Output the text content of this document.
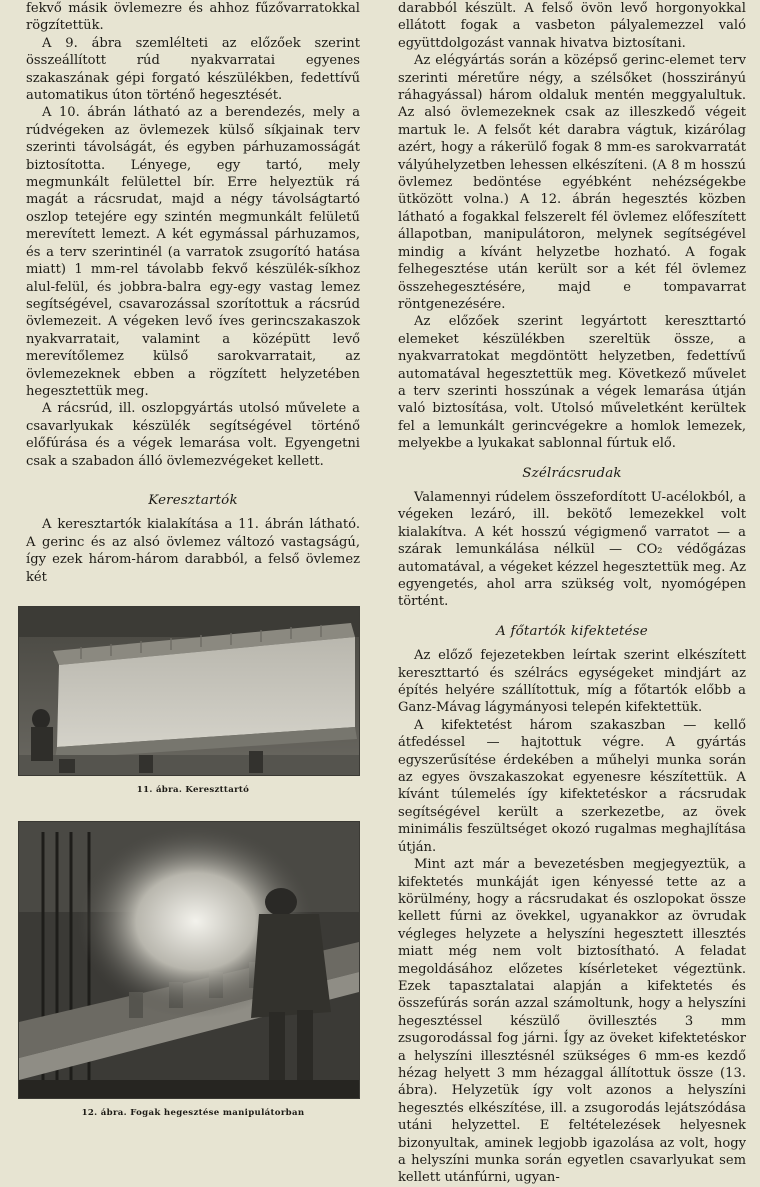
fekvő másik övlemezre és ahhoz fűzővarratokkal rögzítettük.

A 9. ábra szemlélteti az előzőek szerint összeállított rúd nyakvarratai egyenes szakaszának gépi forgató készülékben, fedettívű automatikus úton történő hegesztését.

A 10. ábrán látható az a berendezés, mely a rúdvégeken az övlemezek külső síkjainak terv szerinti távolságát, és egyben párhuzamosságát biztosította. Lényege, egy tartó, mely megmunkált felülettel bír. Erre helyeztük rá magát a rácsrudat, majd a négy távolságtartó oszlop tetejére egy szintén megmunkált felületű merevített lemezt. A két egymással párhuzamos, és a terv szerintinél (a varratok zsugorító hatása miatt) 1 mm-rel távolabb fekvő készülék-síkhoz alul-felül, és jobbra-balra egy-egy vastag lemez segítségével, csavarozással szorítottuk a rácsrúd övlemezeit. A végeken levő íves gerincszakaszok nyakvarratait, valamint a középütt levő merevítőlemez külső sarokvarratait, az övlemezeknek ebben a rögzített helyzetében hegesztettük meg.

A rácsrúd, ill. oszlopgyártás utolsó művelete a csavarlyukak készülék segítségével történő előfúrása és a végek lemarása volt. Egyengetni csak a szabadon álló övlemezvégeket kellett.

Keresztartók

A keresztartók kialakítása a 11. ábrán látható. A gerinc és az alsó övlemez változó vastagságú, így ezek három-három darabból, a felső övlemez két

11. ábra. Kereszttartó
12. ábra. Fogak hegesztése manipulátorban

darabból készült. A felső övön levő horgonyokkal ellátott fogak a vasbeton pályalemezzel való együttdolgozást vannak hivatva biztosítani.

Az elégyártás során a középső gerinc-elemet terv szerinti méretűre négy, a szélsőket (hosszirányú ráhagyással) három oldaluk mentén meggyalultuk. Az alsó övlemezeknek csak az illeszkedő végeit martuk le. A felsőt két darabra vágtuk, kizárólag azért, hogy a rákerülő fogak 8 mm-es sarokvarratát vályúhelyzetben lehessen elkészíteni. (A 8 m hosszú övlemez bedöntése egyébként nehézségekbe ütközött volna.) A 12. ábrán hegesztés közben látható a fogakkal felszerelt fél övlemez előfeszített állapotban, manipulátoron, melynek segítségével mindig a kívánt helyzetbe hozható. A fogak felhegesztése után került sor a két fél övlemez összehegesztésére, majd e tompavarrat röntgenezésére.

Az előzőek szerint legyártott kereszttartó elemeket készülékben szereltük össze, a nyakvarratokat megdöntött helyzetben, fedettívű automatával hegesztettük meg. Következő művelet a terv szerinti hosszúnak a végek lemarása útján való biztosítása, volt. Utolsó műveletként kerültek fel a lemunkált gerincvégekre a homlok lemezek, melyekbe a lyukakat sablonnal fúrtuk elő.

Szélrácsrudak

Valamennyi rúdelem összefordított U-acélokból, a végeken lezáró, ill. bekötő lemezekkel volt kialakítva. A két hosszú végigmenő varratot — a szárak lemunkálása nélkül — CO₂ védőgázas automatával, a végeket kézzel hegesztettük meg. Az egyengetés, ahol arra szükség volt, nyomógépen történt.

A főtartók kifektetése

Az előző fejezetekben leírtak szerint elkészített kereszttartó és szélrács egységeket mindjárt az építés helyére szállítottuk, míg a főtartók előbb a Ganz-Mávag lágymányosi telepén kifektettük.

A kifektetést három szakaszban — kellő átfedéssel — hajtottuk végre. A gyártás egyszerűsítése érdekében a műhelyi munka során az egyes övszakaszokat egyenesre készítettük. A kívánt túlemelés így kifektetéskor a rácsrudak segítségével került a szerkezetbe, az övek minimális feszültséget okozó rugalmas meghajlítása útján.

Mint azt már a bevezetésben megjegyeztük, a kifektetés munkáját igen kényessé tette az a körülmény, hogy a rácsrudakat és oszlopokat össze kellett fúrni az övekkel, ugyanakkor az övrudak végleges helyzete a helyszíni hegesztett illesztés miatt még nem volt biztosítható. A feladat megoldásához előzetes kísérleteket végeztünk. Ezek tapasztalatai alapján a kifektetés és összefúrás során azzal számoltunk, hogy a helyszíni hegesztéssel készülő övillesztés 3 mm zsugorodással fog járni. Így az öveket kifektetéskor a helyszíni illesztésnél szükséges 6 mm-es kezdő hézag helyett 3 mm hézaggal állítottuk össze (13. ábra). Helyzetük így volt azonos a helyszíni hegesztés elkészítése, ill. a zsugorodás lejátszódása utáni helyzettel. E feltételezések helyesnek bizonyultak, aminek legjobb igazolása az volt, hogy a helyszíni munka során egyetlen csavarlyukat sem kellett utánfúrni, ugyan-
